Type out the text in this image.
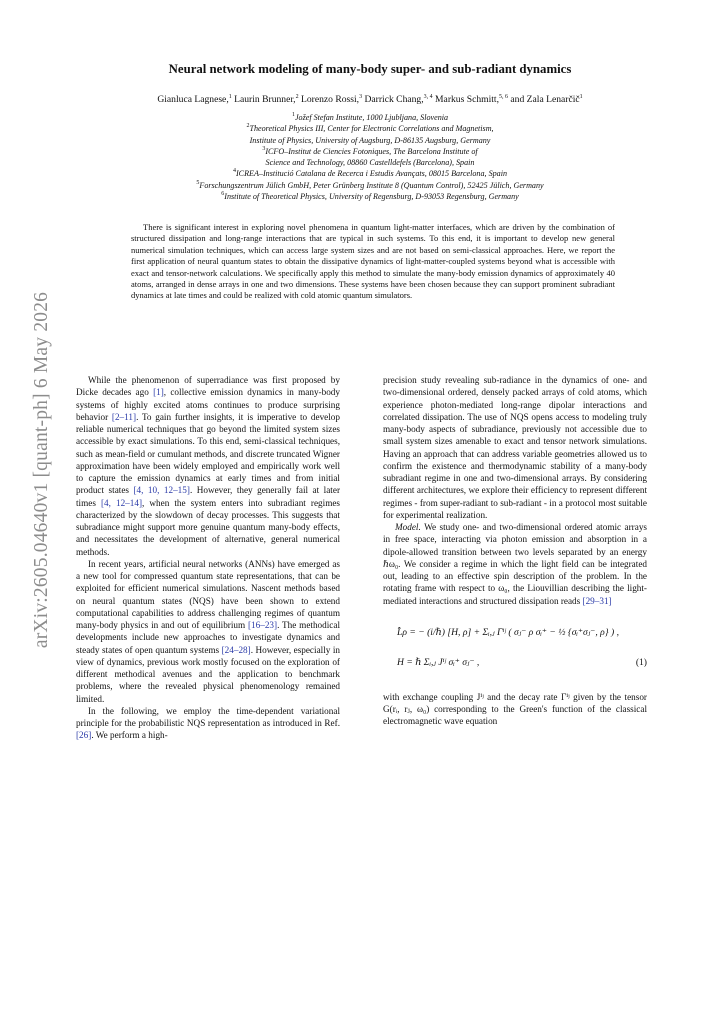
arXiv:2605.04640v1 [quant-ph] 6 May 2026
Neural network modeling of many-body super- and sub-radiant dynamics
Gianluca Lagnese,$^1$ Laurin Brunner,$^2$ Lorenzo Rossi,$^3$ Darrick Chang,$^{3, 4}$ Markus Schmitt,$^{5, 6}$ and Zala Lenarčič$^1$
$^1$Jožef Stefan Institute, 1000 Ljubljana, Slovenia
$^2$Theoretical Physics III, Center for Electronic Correlations and Magnetism,
Institute of Physics, University of Augsburg, D-86135 Augsburg, Germany
$^3$ICFO–Institut de Ciencies Fotoniques, The Barcelona Institute of
Science and Technology, 08860 Castelldefels (Barcelona), Spain
$^4$ICREA–Institució Catalana de Recerca i Estudis Avançats, 08015 Barcelona, Spain
$^5$Forschungszentrum Jülich GmbH, Peter Grünberg Institute 8 (Quantum Control), 52425 Jülich, Germany
$^6$Institute of Theoretical Physics, University of Regensburg, D-93053 Regensburg, Germany

There is significant interest in exploring novel phenomena in quantum light-matter interfaces, which are driven by the combination of structured dissipation and long-range interactions that are typical in such systems. To this end, it is important to develop new general numerical simulation techniques, which can access large system sizes and are not based on semi-classical approaches. Here, we report the first application of neural quantum states to obtain the dissipative dynamics of light-matter-coupled systems beyond what is accessible with exact and tensor-network calculations. We specifically apply this method to simulate the many-body emission dynamics of approximately 40 atoms, arranged in dense arrays in one and two dimensions. These systems have been chosen because they can support prominent subradiant dynamics at late times and could be realized with cold atomic quantum simulators.

While the phenomenon of superradiance was first proposed by Dicke decades ago [1], collective emission dynamics in many-body systems of highly excited atoms continues to produce surprising behavior [2–11]. To gain further insights, it is imperative to develop reliable numerical techniques that go beyond the limited system sizes accessible by exact simulations. To this end, semi-classical techniques, such as mean-field or cumulant methods, and discrete truncated Wigner approximation have been widely employed and empirically work well to capture the emission dynamics at early times and from initial product states [4, 10, 12–15]. However, they generally fail at later times [4, 12–14], when the system enters into subradiant regimes characterized by the slowdown of decay processes. This suggests that subradiance might support more genuine quantum many-body effects, and necessitates the development of alternative, general numerical methods.

In recent years, artificial neural networks (ANNs) have emerged as a new tool for compressed quantum state representations, that can be exploited for efficient numerical simulations. Nascent methods based on neural quantum states (NQS) have been shown to extend computational capabilities to address challenging regimes of quantum many-body physics in and out of equilibrium [16–23]. The methodical developments include new approaches to investigate dynamics and steady states of open quantum systems [24–28]. However, especially in view of dynamics, previous work mostly focused on the exploration of different methodical avenues and the application to benchmark problems, where the revealed physical phenomenology remained limited.

In the following, we employ the time-dependent variational principle for the probabilistic NQS representation as introduced in Ref. [26]. We perform a high-

precision study revealing sub-radiance in the dynamics of one- and two-dimensional ordered, densely packed arrays of cold atoms, which experience photon-mediated long-range dipolar interactions and correlated dissipation. The use of NQS opens access to modeling truly many-body aspects of subradiance, previously not accessible due to small system sizes amenable to exact and tensor network simulations. Having an approach that can address variable geometries allowed us to confirm the existence and thermodynamic stability of a many-body subradiant regime in one and two-dimensional arrays. By considering different architectures, we explore their efficiency to represent different regimes - from super-radiant to sub-radiant - in a protocol most suitable for experimental realization.

Model. We study one- and two-dimensional ordered atomic arrays in free space, interacting via photon emission and absorption in a dipole-allowed transition between two levels separated by an energy ℏω₀. We consider a regime in which the light field can be integrated out, leading to an effective spin description of the problem. In the rotating frame with respect to ω₀, the Liouvillian describing the light-mediated interactions and structured dissipation reads [29–31]

L̂ρ = − (i/ℏ) [H, ρ] + Σᵢ,ⱼ Γⁱʲ ( σⱼ⁻ ρ σᵢ⁺ − ½ {σᵢ⁺σⱼ⁻, ρ} ) ,
H = ℏ Σᵢ,ⱼ Jⁱʲ σᵢ⁺ σⱼ⁻ ,	(1)

with exchange coupling Jⁱʲ and the decay rate Γⁱʲ given by the tensor G(rᵢ, rⱼ, ω₀) corresponding to the Green's function of the classical electromagnetic wave equation
